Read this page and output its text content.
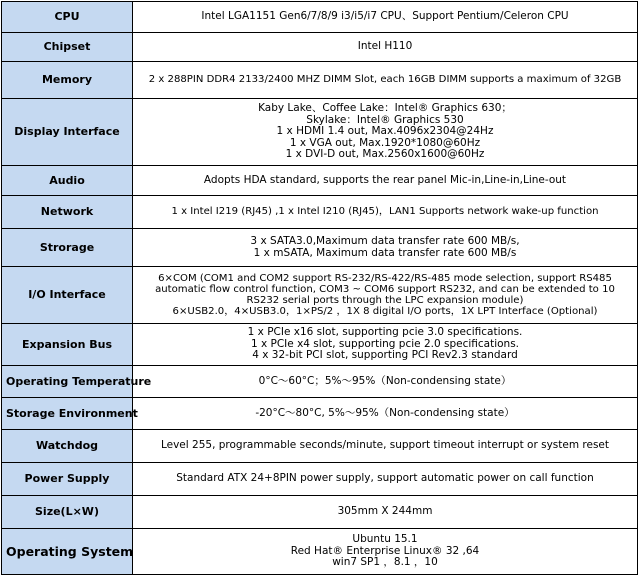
CPU	Intel LGA1151 Gen6/7/8/9 i3/i5/i7 CPU、Support Pentium/Celeron CPU

Chipset	Intel H110

Memory	2 x 288PIN DDR4 2133/2400 MHZ DIMM Slot, each 16GB DIMM supports a maximum of 32GB

Display Interface	Kaby Lake、Coffee Lake：Intel® Graphics 630；
Skylake：Intel® Graphics 530
1 x HDMI 1.4 out, Max.4096x2304@24Hz
1 x VGA out, Max.1920*1080@60Hz
1 x DVI-D out, Max.2560x1600@60Hz

Audio	Adopts HDA standard, supports the rear panel Mic-in,Line-in,Line-out

Network	1 x Intel I219 (RJ45) ,1 x Intel I210 (RJ45)，LAN1 Supports network wake-up function

Strorage	3 x SATA3.0,Maximum data transfer rate 600 MB/s,
1 x mSATA, Maximum data transfer rate 600 MB/s

I/O Interface	6×COM (COM1 and COM2 support RS-232/RS-422/RS-485 mode selection, support RS485
automatic flow control function, COM3 ~ COM6 support RS232, and can be extended to 10
RS232 serial ports through the LPC expansion module)
6×USB2.0，4×USB3.0，1×PS/2 ，1X 8 digital I/O ports，1X LPT Interface (Optional)

Expansion Bus	1 x PCIe x16 slot, supporting pcie 3.0 specifications.
1 x PCIe x4 slot, supporting pcie 2.0 specifications.
4 x 32-bit PCI slot, supporting PCI Rev2.3 standard

Operating Temperature	0°C～60°C；5%～95%（Non-condensing state）

Storage Environment	-20°C～80°C, 5%～95%（Non-condensing state）

Watchdog	Level 255, programmable seconds/minute, support timeout interrupt or system reset

Power Supply	Standard ATX 24+8PIN power supply, support automatic power on call function

Size(L×W)	305mm X 244mm

Operating System	Ubuntu 15.1
Red Hat® Enterprise Linux® 32 ,64
win7 SP1 ，8.1 ，10
